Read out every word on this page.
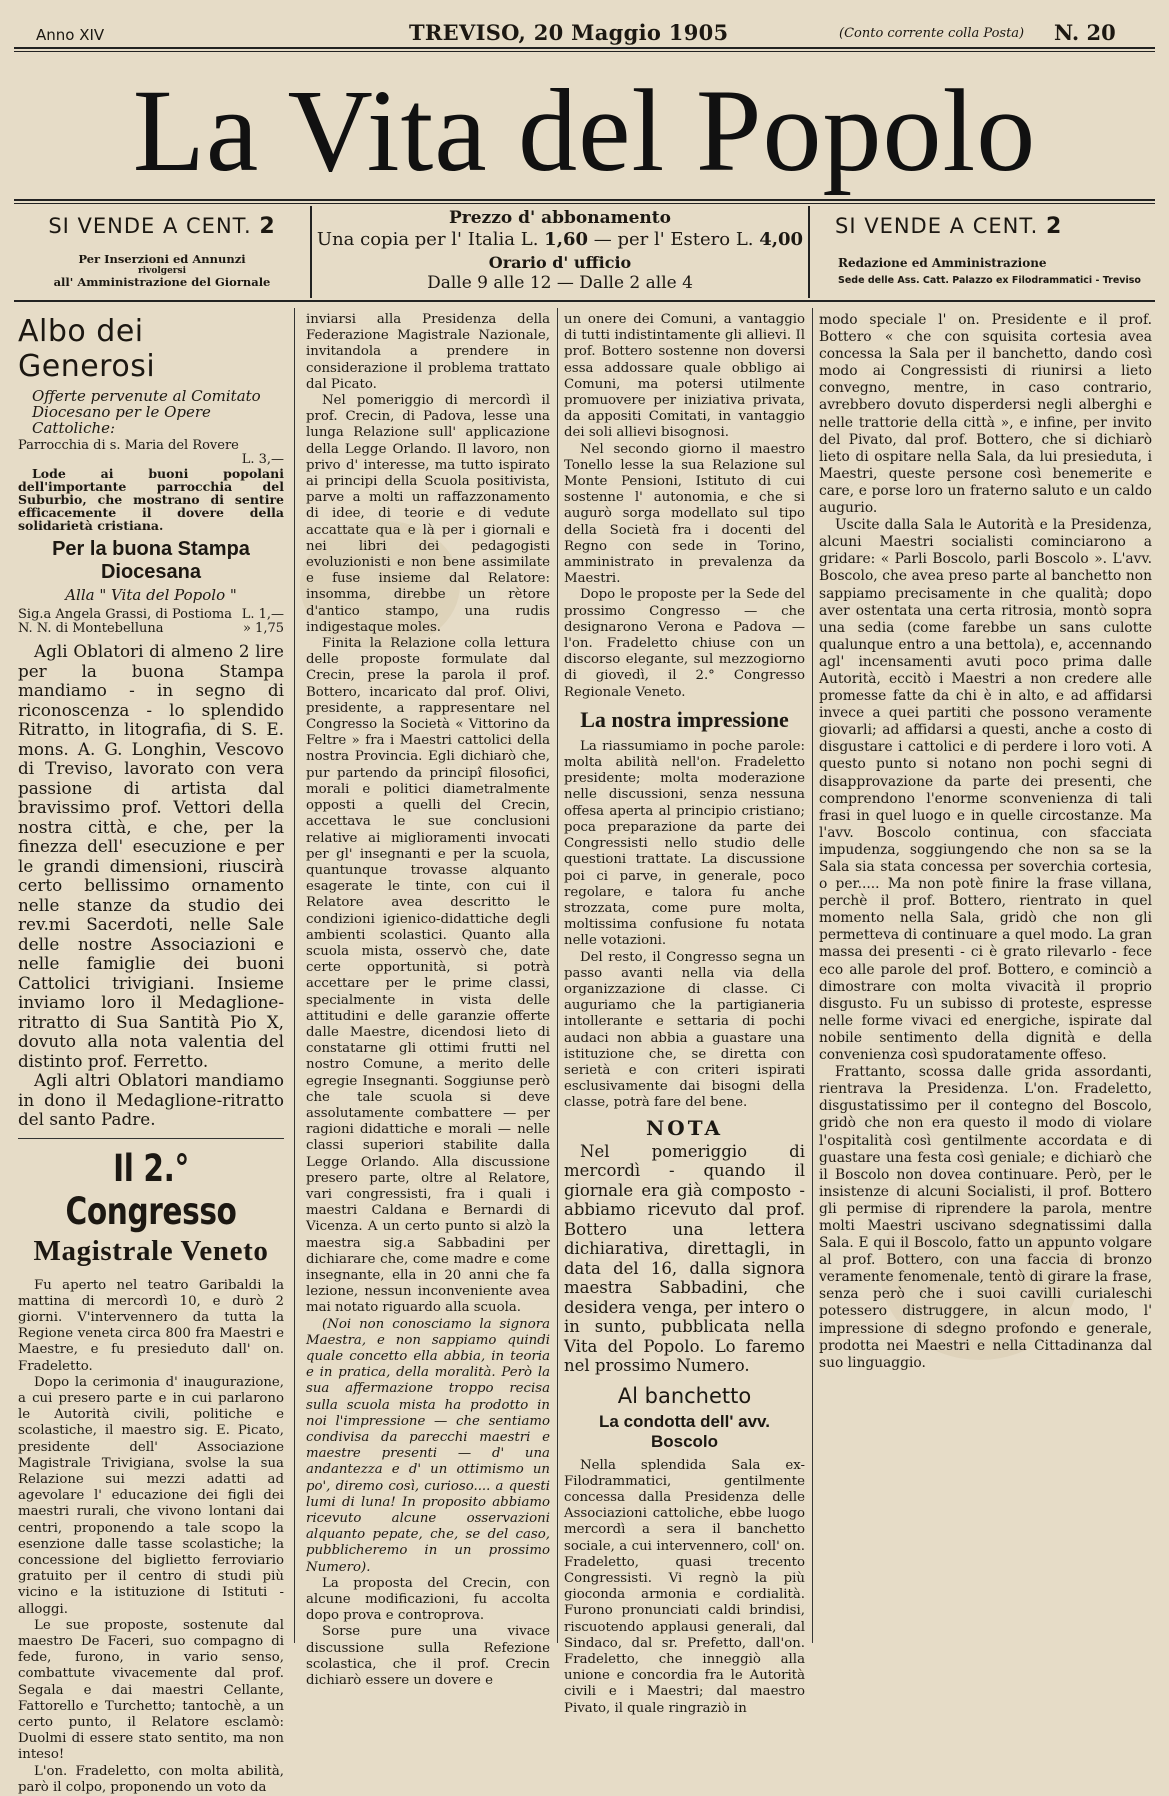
Anno XIV	TREVISO, 20 Maggio 1905	(Conto corrente colla Posta) N. 20
La Vita del Popolo
SI VENDE A CENT. 2
Per Inserzioni ed Annunzi
rivolgersi
all' Amministrazione del Giornale
Prezzo d' abbonamento
Una copia per l' Italia L. 1,60 — per l' Estero L. 4,00
Orario d' ufficio
Dalle 9 alle 12 — Dalle 2 alle 4
SI VENDE A CENT. 2
Redazione ed Amministrazione
Sede delle Ass. Catt. Palazzo ex Filodrammatici - Treviso
Albo dei Generosi
Offerte pervenute al Comitato Diocesano per le Opere Cattoliche:
Parrocchia di s. Maria del Rovere
L. 3,—
Lode ai buoni popolani dell'importante parrocchia del Suburbio, che mostrano di sentire efficacemente il dovere della solidarietà cristiana.
Per la buona Stampa Diocesana
Alla " Vita del Popolo "
Sig.a Angela Grassi, di Postioma L. 1,—
N. N. di Montebelluna	» 1,75

Agli Oblatori di almeno 2 lire per la buona Stampa mandiamo - in segno di riconoscenza - lo splendido Ritratto, in litografia, di S. E. mons. A. G. Longhin, Vescovo di Treviso, lavorato con vera passione di artista dal bravissimo prof. Vettori della nostra città, e che, per la finezza dell' esecuzione e per le grandi dimensioni, riuscirà certo bellissimo ornamento nelle stanze da studio dei rev.mi Sacerdoti, nelle Sale delle nostre Associazioni e nelle famiglie dei buoni Cattolici trivigiani. Insieme inviamo loro il Medaglione-ritratto di Sua Santità Pio X, dovuto alla nota valentia del distinto prof. Ferretto.

Agli altri Oblatori mandiamo in dono il Medaglione-ritratto del santo Padre.

Il 2.° Congresso
Magistrale Veneto

Fu aperto nel teatro Garibaldi la mattina di mercordì 10, e durò 2 giorni. V'intervennero da tutta la Regione veneta circa 800 fra Maestri e Maestre, e fu presieduto dall' on. Fradeletto.

Dopo la cerimonia d' inaugurazione, a cui presero parte e in cui parlarono le Autorità civili, politiche e scolastiche, il maestro sig. E. Picato, presidente dell' Associazione Magistrale Trivigiana, svolse la sua Relazione sui mezzi adatti ad agevolare l' educazione dei figli dei maestri rurali, che vivono lontani dai centri, proponendo a tale scopo la esenzione dalle tasse scolastiche; la concessione del biglietto ferroviario gratuito per il centro di studi più vicino e la istituzione di Istituti - alloggi.

Le sue proposte, sostenute dal maestro De Faceri, suo compagno di fede, furono, in vario senso, combattute vivacemente dal prof. Segala e dai maestri Cellante, Fattorello e Turchetto; tantochè, a un certo punto, il Relatore esclamò: Duolmi di essere stato sentito, ma non inteso!

L'on. Fradeletto, con molta abilità, parò il colpo, proponendo un voto da

inviarsi alla Presidenza della Federazione Magistrale Nazionale, invitandola a prendere in considerazione il problema trattato dal Picato.

Nel pomeriggio di mercordì il prof. Crecin, di Padova, lesse una lunga Relazione sull' applicazione della Legge Orlando. Il lavoro, non privo d' interesse, ma tutto ispirato ai principi della Scuola positivista, parve a molti un raffazzonamento di idee, di teorie e di vedute accattate qua e là per i giornali e nei libri dei pedagogisti evoluzionisti e non bene assimilate e fuse insieme dal Relatore: insomma, direbbe un rètore d'antico stampo, una rudis indigestaque moles.

Finita la Relazione colla lettura delle proposte formulate dal Crecin, prese la parola il prof. Bottero, incaricato dal prof. Olivi, presidente, a rappresentare nel Congresso la Società « Vittorino da Feltre » fra i Maestri cattolici della nostra Provincia. Egli dichiarò che, pur partendo da principî filosofici, morali e politici diametralmente opposti a quelli del Crecin, accettava le sue conclusioni relative ai miglioramenti invocati per gl' insegnanti e per la scuola, quantunque trovasse alquanto esagerate le tinte, con cui il Relatore avea descritto le condizioni igienico-didattiche degli ambienti scolastici. Quanto alla scuola mista, osservò che, date certe opportunità, si potrà accettare per le prime classi, specialmente in vista delle attitudini e delle garanzie offerte dalle Maestre, dicendosi lieto di constatarne gli ottimi frutti nel nostro Comune, a merito delle egregie Insegnanti. Soggiunse però che tale scuola si deve assolutamente combattere — per ragioni didattiche e morali — nelle classi superiori stabilite dalla Legge Orlando. Alla discussione presero parte, oltre al Relatore, vari congressisti, fra i quali i maestri Caldana e Bernardi di Vicenza. A un certo punto si alzò la maestra sig.a Sabbadini per dichiarare che, come madre e come insegnante, ella in 20 anni che fa lezione, nessun inconveniente avea mai notato riguardo alla scuola.

(Noi non conosciamo la signora Maestra, e non sappiamo quindi quale concetto ella abbia, in teoria e in pratica, della moralità. Però la sua affermazione troppo recisa sulla scuola mista ha prodotto in noi l'impressione — che sentiamo condivisa da parecchi maestri e maestre presenti — d' una andantezza e d' un ottimismo un po', diremo così, curioso.... a questi lumi di luna! In proposito abbiamo ricevuto alcune osservazioni alquanto pepate, che, se del caso, pubblicheremo in un prossimo Numero).

La proposta del Crecin, con alcune modificazioni, fu accolta dopo prova e controprova.

Sorse pure una vivace discussione sulla Refezione scolastica, che il prof. Crecin dichiarò essere un dovere e

un onere dei Comuni, a vantaggio di tutti indistintamente gli allievi. Il prof. Bottero sostenne non doversi essa addossare quale obbligo ai Comuni, ma potersi utilmente promuovere per iniziativa privata, da appositi Comitati, in vantaggio dei soli allievi bisognosi.

Nel secondo giorno il maestro Tonello lesse la sua Relazione sul Monte Pensioni, Istituto di cui sostenne l' autonomia, e che si augurò sorga modellato sul tipo della Società fra i docenti del Regno con sede in Torino, amministrato in prevalenza da Maestri.

Dopo le proposte per la Sede del prossimo Congresso — che designarono Verona e Padova — l'on. Fradeletto chiuse con un discorso elegante, sul mezzogiorno di giovedì, il 2.° Congresso Regionale Veneto.

La nostra impressione

La riassumiamo in poche parole: molta abilità nell'on. Fradeletto presidente; molta moderazione nelle discussioni, senza nessuna offesa aperta al principio cristiano; poca preparazione da parte dei Congressisti nello studio delle questioni trattate. La discussione poi ci parve, in generale, poco regolare, e talora fu anche strozzata, come pure molta, moltissima confusione fu notata nelle votazioni.

Del resto, il Congresso segna un passo avanti nella via della organizzazione di classe. Ci auguriamo che la partigianeria intollerante e settaria di pochi audaci non abbia a guastare una istituzione che, se diretta con serietà e con criteri ispirati esclusivamente dai bisogni della classe, potrà fare del bene.

NOTA

Nel pomeriggio di mercordì - quando il giornale era già composto - abbiamo ricevuto dal prof. Bottero una lettera dichiarativa, direttagli, in data del 16, dalla signora maestra Sabbadini, che desidera venga, per intero o in sunto, pubblicata nella Vita del Popolo. Lo faremo nel prossimo Numero.

Al banchetto
La condotta dell' avv. Boscolo

Nella splendida Sala ex-Filodrammatici, gentilmente concessa dalla Presidenza delle Associazioni cattoliche, ebbe luogo mercordì a sera il banchetto sociale, a cui intervennero, coll' on. Fradeletto, quasi trecento Congressisti. Vi regnò la più gioconda armonia e cordialità. Furono pronunciati caldi brindisi, riscuotendo applausi generali, dal Sindaco, dal sr. Prefetto, dall'on. Fradeletto, che inneggiò alla unione e concordia fra le Autorità civili e i Maestri; dal maestro Pivato, il quale ringraziò in

modo speciale l' on. Presidente e il prof. Bottero « che con squisita cortesia avea concessa la Sala per il banchetto, dando così modo ai Congressisti di riunirsi a lieto convegno, mentre, in caso contrario, avrebbero dovuto disperdersi negli alberghi e nelle trattorie della città », e infine, per invito del Pivato, dal prof. Bottero, che si dichiarò lieto di ospitare nella Sala, da lui presieduta, i Maestri, queste persone così benemerite e care, e porse loro un fraterno saluto e un caldo augurio.

Uscite dalla Sala le Autorità e la Presidenza, alcuni Maestri socialisti cominciarono a gridare: « Parli Boscolo, parli Boscolo ». L'avv. Boscolo, che avea preso parte al banchetto non sappiamo precisamente in che qualità; dopo aver ostentata una certa ritrosia, montò sopra una sedia (come farebbe un sans culotte qualunque entro a una bettola), e, accennando agl' incensamenti avuti poco prima dalle Autorità, eccitò i Maestri a non credere alle promesse fatte da chi è in alto, e ad affidarsi invece a quei partiti che possono veramente giovarli; ad affidarsi a questi, anche a costo di disgustare i cattolici e di perdere i loro voti. A questo punto si notano non pochi segni di disapprovazione da parte dei presenti, che comprendono l'enorme sconvenienza di tali frasi in quel luogo e in quelle circostanze. Ma l'avv. Boscolo continua, con sfacciata impudenza, soggiungendo che non sa se la Sala sia stata concessa per soverchia cortesia, o per..... Ma non potè finire la frase villana, perchè il prof. Bottero, rientrato in quel momento nella Sala, gridò che non gli permetteva di continuare a quel modo. La gran massa dei presenti - ci è grato rilevarlo - fece eco alle parole del prof. Bottero, e cominciò a dimostrare con molta vivacità il proprio disgusto. Fu un subisso di proteste, espresse nelle forme vivaci ed energiche, ispirate dal nobile sentimento della dignità e della convenienza così spudoratamente offeso.

Frattanto, scossa dalle grida assordanti, rientrava la Presidenza. L'on. Fradeletto, disgustatissimo per il contegno del Boscolo, gridò che non era questo il modo di violare l'ospitalità così gentilmente accordata e di guastare una festa così geniale; e dichiarò che il Boscolo non dovea continuare. Però, per le insistenze di alcuni Socialisti, il prof. Bottero gli permise di riprendere la parola, mentre molti Maestri uscivano sdegnatissimi dalla Sala. E qui il Boscolo, fatto un appunto volgare al prof. Bottero, con una faccia di bronzo veramente fenomenale, tentò di girare la frase, senza però che i suoi cavilli curialeschi potessero distruggere, in alcun modo, l' impressione di sdegno profondo e generale, prodotta nei Maestri e nella Cittadinanza dal suo linguaggio.
